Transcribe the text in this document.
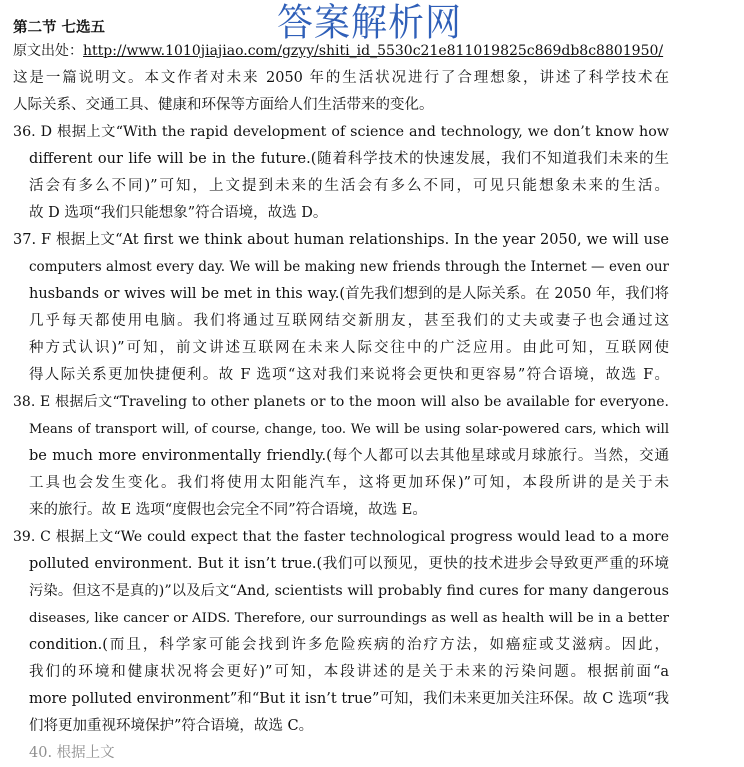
第二节 七选五	答案解析网
原文出处：http://www.1010jiajiao.com/gzyy/shiti_id_5530c21e811019825c869db8c8801950/
这是一篇说明文。本文作者对未来 2050 年的生活状况进行了合理想象，讲述了科学技术在
人际关系、交通工具、健康和环保等方面给人们生活带来的变化。
36. D 根据上文“With the rapid development of science and technology, we don’t know how
different our life will be in the future.(随着科学技术的快速发展，我们不知道我们未来的生
活会有多么不同)”可知，上文提到未来的生活会有多么不同，可见只能想象未来的生活。
故 D 选项“我们只能想象”符合语境，故选 D。
37. F 根据上文“At first we think about human relationships. In the year 2050, we will use
computers almost every day. We will be making new friends through the Internet — even our
husbands or wives will be met in this way.(首先我们想到的是人际关系。在 2050 年，我们将
几乎每天都使用电脑。我们将通过互联网结交新朋友，甚至我们的丈夫或妻子也会通过这
种方式认识)”可知，前文讲述互联网在未来人际交往中的广泛应用。由此可知，互联网使
得人际关系更加快捷便利。故 F 选项“这对我们来说将会更快和更容易”符合语境，故选 F。
38. E 根据后文“Traveling to other planets or to the moon will also be available for everyone.
Means of transport will, of course, change, too. We will be using solar-powered cars, which will
be much more environmentally friendly.(每个人都可以去其他星球或月球旅行。当然，交通
工具也会发生变化。我们将使用太阳能汽车，这将更加环保)”可知，本段所讲的是关于未
来的旅行。故 E 选项“度假也会完全不同”符合语境，故选 E。
39. C 根据上文“We could expect that the faster technological progress would lead to a more
polluted environment. But it isn’t true.(我们可以预见，更快的技术进步会导致更严重的环境
污染。但这不是真的)”以及后文“And, scientists will probably find cures for many dangerous
diseases, like cancer or AIDS. Therefore, our surroundings as well as health will be in a better
condition.(而且，科学家可能会找到许多危险疾病的治疗方法，如癌症或艾滋病。因此，
我们的环境和健康状况将会更好)”可知，本段讲述的是关于未来的污染问题。根据前面“a
more polluted environment”和“But it isn’t true”可知，我们未来更加关注环保。故 C 选项“我
们将更加重视环境保护”符合语境，故选 C。
40. 根据上文
